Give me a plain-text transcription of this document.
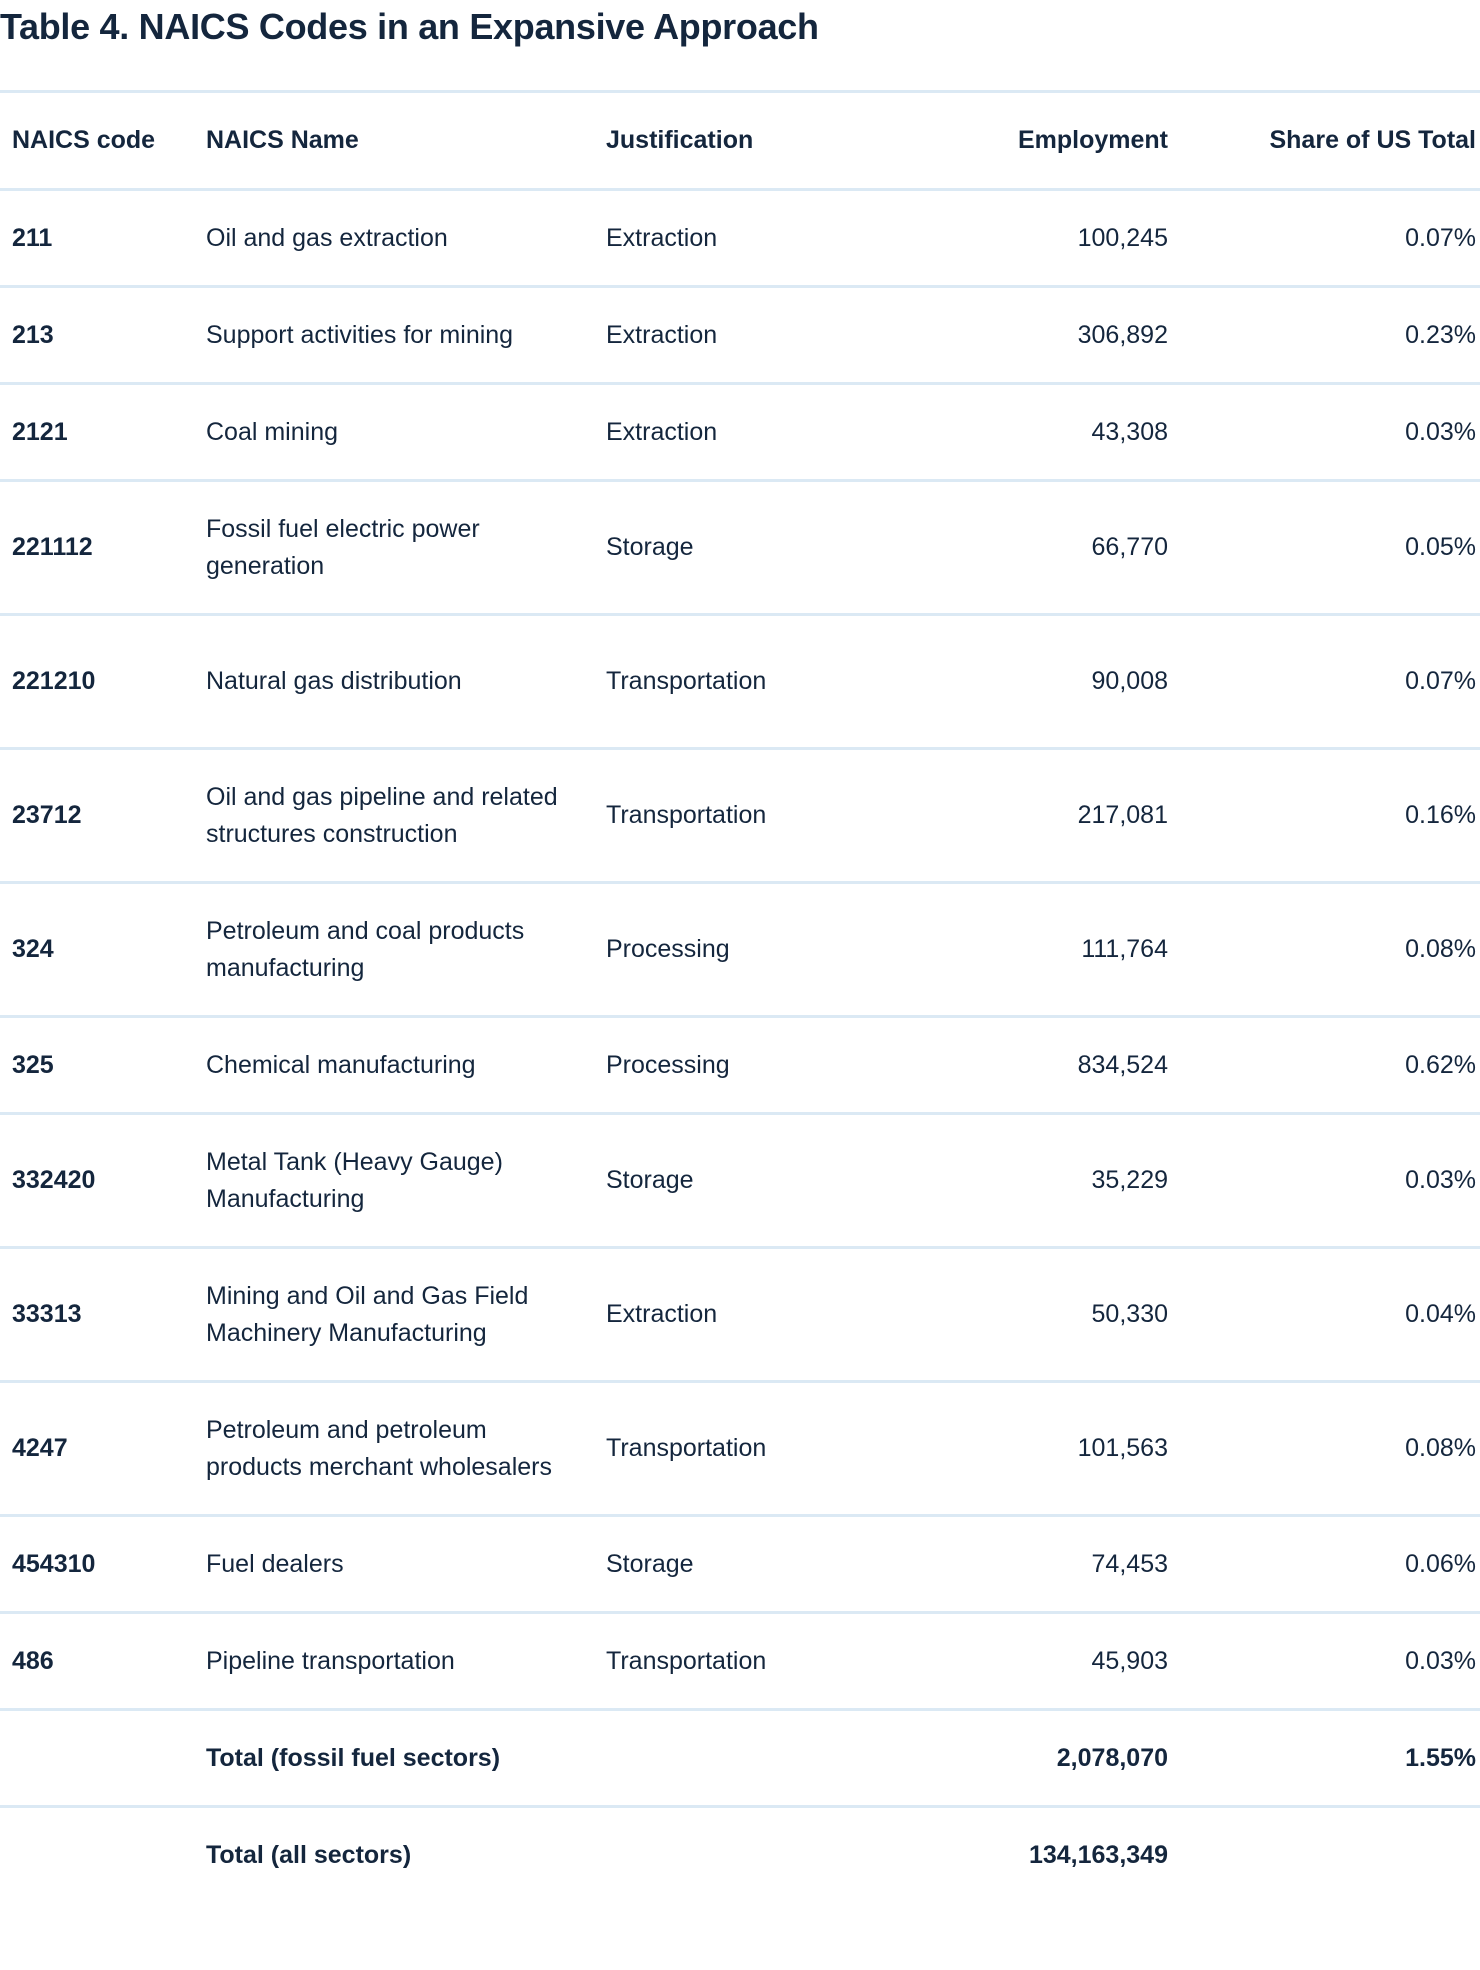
Table 4. NAICS Codes in an Expansive Approach
NAICS code	NAICS Name	Justification	Employment	Share of US Total
211	Oil and gas extraction	Extraction	100,245	0.07%
213	Support activities for mining	Extraction	306,892	0.23%
2121	Coal mining	Extraction	43,308	0.03%
221112	Fossil fuel electric power generation	Storage	66,770	0.05%
221210	Natural gas distribution	Transportation	90,008	0.07%
23712	Oil and gas pipeline and related structures construction	Transportation	217,081	0.16%
324	Petroleum and coal products manufacturing	Processing	111,764	0.08%
325	Chemical manufacturing	Processing	834,524	0.62%
332420	Metal Tank (Heavy Gauge) Manufacturing	Storage	35,229	0.03%
33313	Mining and Oil and Gas Field Machinery Manufacturing	Extraction	50,330	0.04%
4247	Petroleum and petroleum products merchant wholesalers	Transportation	101,563	0.08%
454310	Fuel dealers	Storage	74,453	0.06%
486	Pipeline transportation	Transportation	45,903	0.03%
	Total (fossil fuel sectors)		2,078,070	1.55%
	Total (all sectors)		134,163,349	
